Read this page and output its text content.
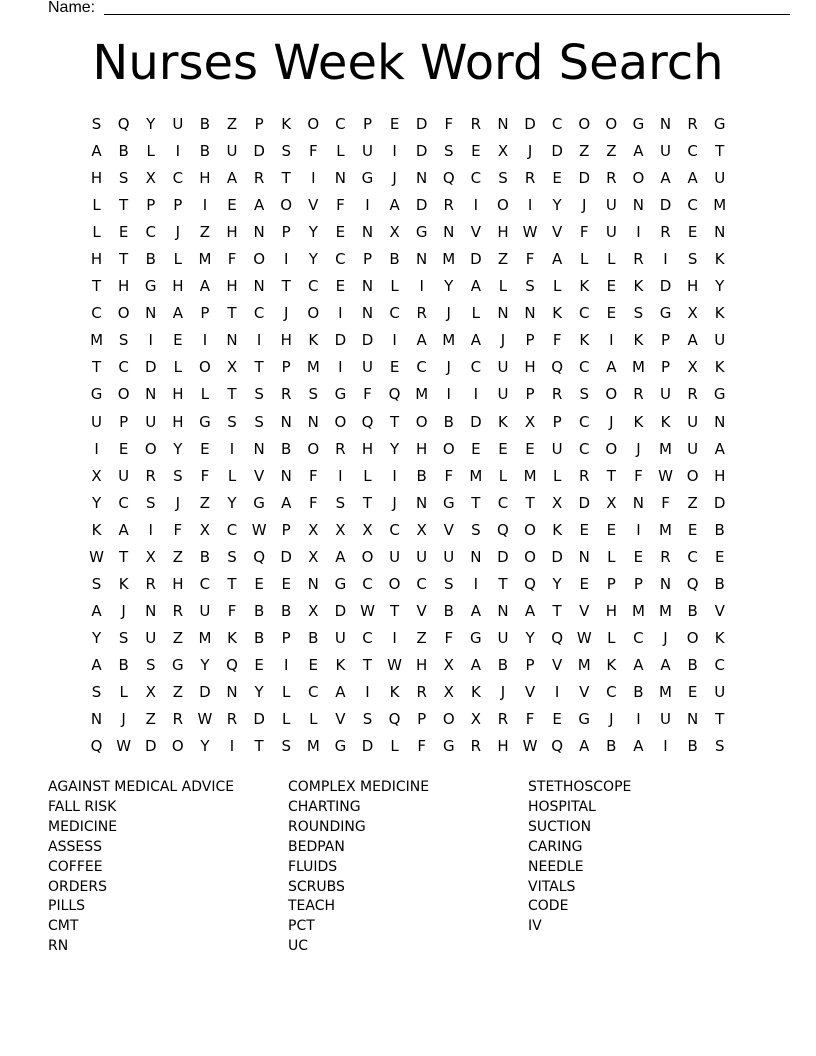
Name:
Nurses Week Word Search
S	Q	Y	U	B	Z	P	K	O	C	P	E	D	F	R	N	D	C	O	O	G	N	R	G
A	B	L	I	B	U	D	S	F	L	U	I	D	S	E	X	J	D	Z	Z	A	U	C	T
H	S	X	C	H	A	R	T	I	N	G	J	N	Q	C	S	R	E	D	R	O	A	A	U
L	T	P	P	I	E	A	O	V	F	I	A	D	R	I	O	I	Y	J	U	N	D	C	M
L	E	C	J	Z	H	N	P	Y	E	N	X	G	N	V	H W V	F	U	I	R	E	N
H	T	B	L	M	F	O	I	Y	C	P	B	N	M D	Z	F	A	L	L	R	I	S	K
T	H	G	H	A	H	N	T	C	E	N	L	I	Y	A	L	S	L	K	E	K	D	H	Y
C	O	N	A	P	T	C	J	O	I	N	C	R	J	L	N	N	K	C	E	S	G	X	K
M	S	I	E	I	N	I	H	K	D	D	I	A	M	A	J	P	F	K	I	K	P	A	U
T	C	D	L	O	X	T	P	M	I	U	E	C	J	C	U	H	Q	C	A	M	P	X	K
G	O	N	H	L	T	S	R	S	G	F	Q M	I	I	U	P	R	S	O	R	U	R	G
U	P	U	H	G	S	S	N	N	O	Q	T	O	B	D	K	X	P	C	J	K	K	U	N
I	E	O	Y	E	I	N	B	O	R	H	Y	H	O	E	E	E	U	C	O	J	M	U	A
X	U	R	S	F	L	V	N	F	I	L	I	B	F	M	L	M	L	R	T	F	W O	H
Y	C	S	J	Z	Y	G	A	F	S	T	J	N	G	T	C	T	X	D	X	N	F	Z	D
K	A	I	F	X	C W	P	X	X	X	C	X	V	S	Q	O	K	E	E	I	M	E	B
W	T	X	Z	B	S	Q	D	X	A	O	U	U	U	N	D	O	D	N	L	E	R	C	E
S	K	R	H	C	T	E	E	N	G	C	O	C	S	I	T	Q	Y	E	P	P	N	Q	B
A	J	N	R	U	F	B	B	X	D W	T	V	B	A	N	A	T	V	H M M	B	V
Y	S	U	Z	M	K	B	P	B	U	C	I	Z	F	G	U	Y	Q W	L	C	J	O	K
A	B	S	G	Y	Q	E	I	E	K	T	W H	X	A	B	P	V	M	K	A	A	B	C
S	L	X	Z	D	N	Y	L	C	A	I	K	R	X	K	J	V	I	V	C	B	M	E	U
N	J	Z	R W R	D	L	L	V	S	Q	P	O	X	R	F	E	G	J	I	U	N	T
Q W D	O	Y	I	T	S	M G	D	L	F	G	R	H W Q	A	B	A	I	B	S
AGAINST MEDICAL ADVICE
FALL RISK
MEDICINE
ASSESS
COFFEE
ORDERS
PILLS
CMT
RN
COMPLEX MEDICINE
CHARTING
ROUNDING
BEDPAN
FLUIDS
SCRUBS
TEACH
PCT
UC
STETHOSCOPE
HOSPITAL
SUCTION
CARING
NEEDLE
VITALS
CODE
IV
